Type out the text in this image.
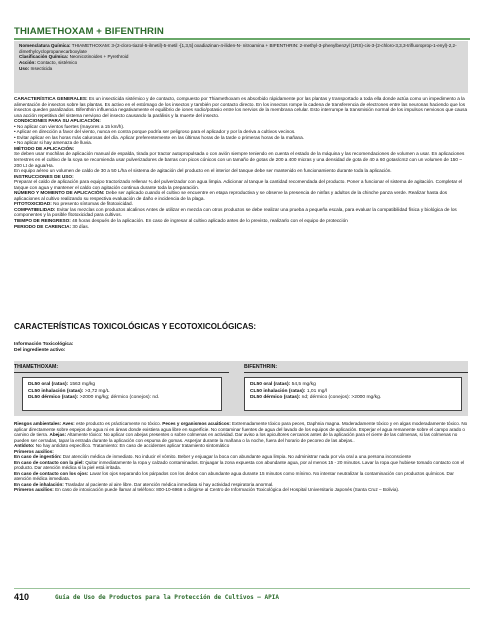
THIAMETHOXAM + BIFENTHRIN
Nomenclatura Química: THIAMETHOXAM: 3-(2-cloro-tiazol-5-ilmetil)-5-metil -[1,3,5] oxadiazinan-4-iliden-N- nitroamina + BIFENTHRIN: 2-methyl-3-phenylbenzyl (1RS)-cis-3-(2-chloro-3,3,3-trifluoroprop-1-enyl)-2,2-dimethylcyclopropanecarboxylate
Clasificación Química: Neonicotinoides + Pyrethroid
Acción: Contacto, sistémico
Uso: Insecticida

CARACTERÍSTICA GENERALES: Es un insecticida sistémico y de contacto, compuesto por Thiamethoxam es absorbido rápidamente por las plantas y transportado a toda ella donde actúa como un impedimento a la alimentación de insectos sobre las plantas. Es activo en el estómago de los insectos y también por contacto directo. En los insectos rompe la cadena de transferencia de electrones entre las neuronas haciendo que los insectos queden paralizados. Bifenthrin influencia negativamente el equilibrio de iones sodio/potasio entre los nervios de la membrana celular. Esto interrumpe la transmisión normal de los impulsos nerviosos que causa una acción repetitiva del sistema nervioso del insecto causando la parálisis y la muerte del insecto.

CONDICIONES PARA SU APLICACIÓN:

• No aplicar con vientos fuertes (mayores a 15 km/h).

• Aplicar en dirección a favor del viento, nunca en contra porque podría ser peligroso para el aplicador y por la deriva a cultivos vecinos.

• Evitar aplicar en las horas más calurosas del día. Aplicar preferentemente en las últimas horas de la tarde o primeras horas de la mañana.

• No aplicar si hay amenaza de lluvia.

MÉTODO DE APLICACIÓN:

Se deben usar mochilas de aplicación manual de espalda, tirada por tractor autopropulsada o con avión siempre teniendo en cuenta el estado de la máquina y las recomendaciones de volumen a usar. En aplicaciones terrestres en el cultivo de la soya se recomienda usar pulverizadores de barras con picos cónicos con un tamaño de gotas de 200 a 400 micras y una densidad de gota de 40 a 60 gotas/cm2 con un volumen de 150 – 200 Lt de agua/Ha.

En equipo aéreo un volumen de caldo de 30 a 50 L/ha el sistema de agitación del producto en el interior del tanque debe ser mantenido en funcionamiento durante toda la aplicación.

INSTRUCCIONES DE USO:

Preparar el caldo de aplicación para equipo tractorizado rellenar ¾ del pulverizador con agua limpia. Adicionar al tanque la cantidad recomendada del producto. Poner a funcionar el sistema de agitación. Completar el tanque con agua y mantener el caldo con agitación continua durante toda la preparación.

NÚMERO Y MOMENTO DE APLICACIÓN: Debe ser aplicado cuando el cultivo se encuentre en etapa reproductiva y se observe la presencia de ninfas y adultos de la chinche panza verde. Realizar hasta dos aplicaciones al cultivo realizando su respectiva evaluación de daño e incidencia de la plaga.

FITOTOXICIDAD: No presento síntomas de fitotoxicidad.

COMPATIBILIDAD: Evitar las mezclas con productos alcalinos Antes de utilizar en mezcla con otros productos se debe realizar una prueba a pequeña escala, para evaluar la compatibilidad física y biológica de los componentes y la posible fitotoxicidad para cultivos.

TIEMPO DE REINGRESO: 48 horas después de la aplicación. En caso de ingresar al cultivo aplicado antes de lo previsto, realizarlo con el equipo de protección

PERIODO DE CARENCIA: 30 días.

CARACTERÍSTICAS TOXICOLÓGICAS Y ECOTOXICOLÓGICAS:
Información Toxicológica:
Del ingrediente activo:
THIAMETHOXAM:	BIFENTHRIN:
DL50 oral (ratas): 1563 mg/kg
CL50 inhalación (ratas): >3,72 mg/L
DL50 dérmico (ratas): >2000 mg/kg; dérmico (conejos): nd.
DL50 oral (ratas): 54,5 mg/kg
CL50 inhalación (ratas): 1,01 mg/l
DL50 dérmico (ratas): nd; dérmico (conejos): >2000 mg/kg.

Riesgos ambientales: Aves: este producto es prácticamente no tóxico. Peces y organismos acuáticos: Extremadamente tóxico para peces, Daphnia magna. Moderadamente tóxico y en algas moderadamente tóxico. No aplicar directamente sobre espejos de agua ni en áreas donde existiera agua libre en superficie. No contaminar fuentes de agua del lavado de los equipos de aplicación. Esperjar el agua remanente sobre el campo arado o camino de tierra. Abejas: Altamente tóxico: No aplicar con abejas presentes o sobre colmenas en actividad. Dar aviso a los apicultores cercanos antes de la aplicación para el cierre de las colmenas, si las colmenas no pueden ser cerradas, tapar la entrada durante la aplicación con espuma de gomas. Asperjar durante la mañana o la noche, fuera del horario de pecoreo de las abejas..

Antídoto: No hay antídoto específico. Tratamiento: En caso de accidentes aplicar tratamiento sintomático

Primeros auxilios:

En caso de ingestión: Dar atención médica de inmediato. No inducir el vómito. Beber y enjuagar la boca con abundante agua limpia. No administrar nada por vía oral a una persona inconsciente

En caso de contacto con la piel: Quitar inmediatamente la ropa y calzado contaminados. Enjuagar la zona expuesta con abundante agua, por al menos 15 - 20 minutos. Lavar la ropa que hubiese tomado contacto con el producto. Dar atención médica si la piel está irritada.

En caso de contacto con los ojos: Lavar los ojos separando los párpados con los dedos con abundante agua durante 15 minutos como mínimo. No intentar neutralizar la contaminación con productos químicos. Dar atención médica inmediata.

En caso de inhalación: Trasladar al paciente al aire libre. Dar atención médica inmediata si hay actividad respiratoria anormal.

Primeros auxilios: En caso de intoxicación puede llamar al teléfono: 800-10-6968 o dirigirse al Centro de Información Toxicológica del Hospital Universitario Japonés (Santa Cruz – Bolivia).

410	Guía de Uso de Productos para la Protección de Cultivos – APIA
